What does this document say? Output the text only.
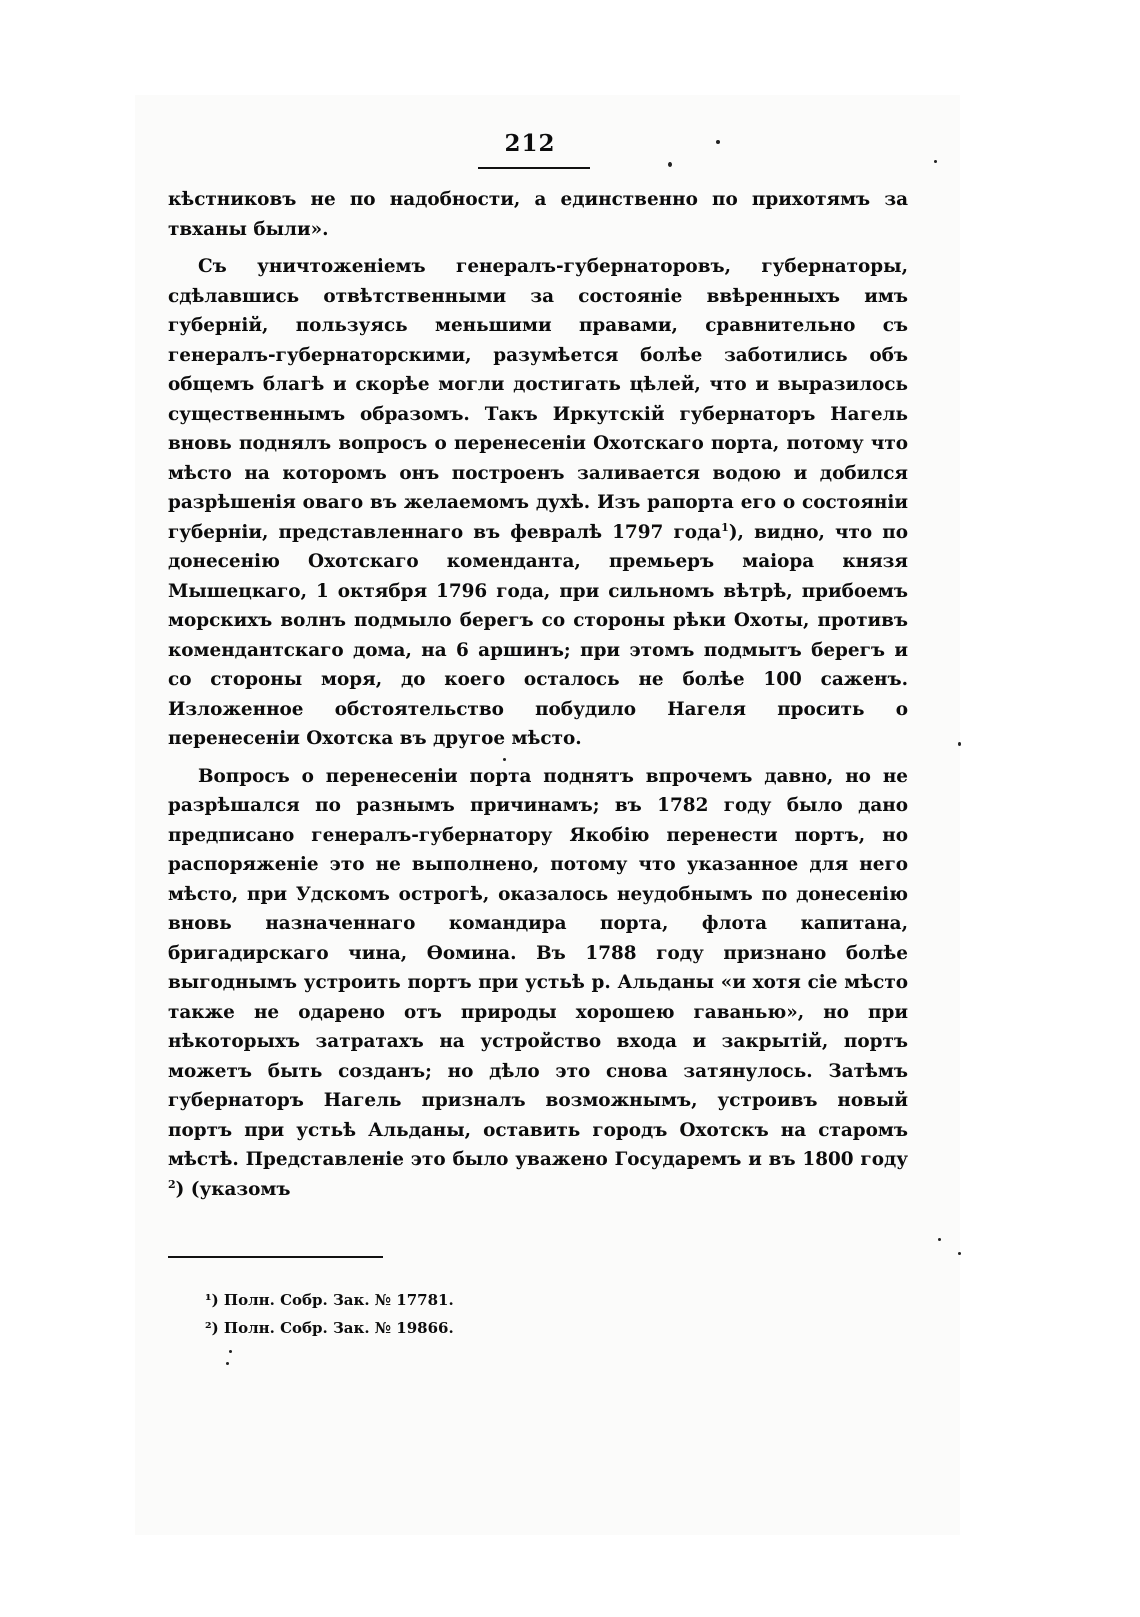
212

кѣстниковъ не по надобности, а единственно по прихотямъ за твханы были».

Съ уничтоженіемъ генералъ-губернаторовъ, губернаторы, сдѣлавшись отвѣтственными за состояніе ввѣренныхъ имъ губерній, пользуясь меньшими правами, сравнительно съ генералъ-губернаторскими, разумѣется болѣе заботились объ общемъ благѣ и скорѣе могли достигать цѣлей, что и выразилось существеннымъ образомъ. Такъ Иркутскій губернаторъ Нагель вновь поднялъ вопросъ о перенесеніи Охотскаго порта, потому что мѣсто на которомъ онъ построенъ заливается водою и добился разрѣшенія оваго въ желаемомъ духѣ. Изъ рапорта его о состояніи губерніи, представленнаго въ февралѣ 1797 года$^1$), видно, что по донесенію Охотскаго коменданта, премьеръ маіора князя Мышецкаго, 1 октября 1796 года, при сильномъ вѣтрѣ, прибоемъ морскихъ волнъ подмыло берегъ со стороны рѣки Охоты, противъ комендантскаго дома, на 6 аршинъ; при этомъ подмытъ берегъ и со стороны моря, до коего осталось не болѣе 100 саженъ. Изложенное обстоятельство побудило Нагеля просить о перенесеніи Охотска въ другое мѣсто.

Вопросъ о перенесеніи порта поднятъ впрочемъ давно, но не разрѣшался по разнымъ причинамъ; въ 1782 году было дано предписано генералъ-губернатору Якобію перенести портъ, но распоряженіе это не выполнено, потому что указанное для него мѣсто, при Удскомъ острогѣ, оказалось неудобнымъ по донесенію вновь назначеннаго командира порта, флота капитана, бригадирскаго чина, Ѳомина. Въ 1788 году признано болѣе выгоднымъ устроить портъ при устьѣ р. Альданы «и хотя сіе мѣсто также не одарено отъ природы хорошею гаванью», но при нѣкоторыхъ затратахъ на устройство входа и закрытій, портъ можетъ быть созданъ; но дѣло это снова затянулось. Затѣмъ губернаторъ Нагель призналъ возможнымъ, устроивъ новый портъ при устьѣ Альданы, оставить городъ Охотскъ на старомъ мѣстѣ. Представленіе это было уважено Государемъ и въ 1800 году $^2$) (указомъ

¹) Полн. Собр. Зак. № 17781.
²) Полн. Собр. Зак. № 19866.
